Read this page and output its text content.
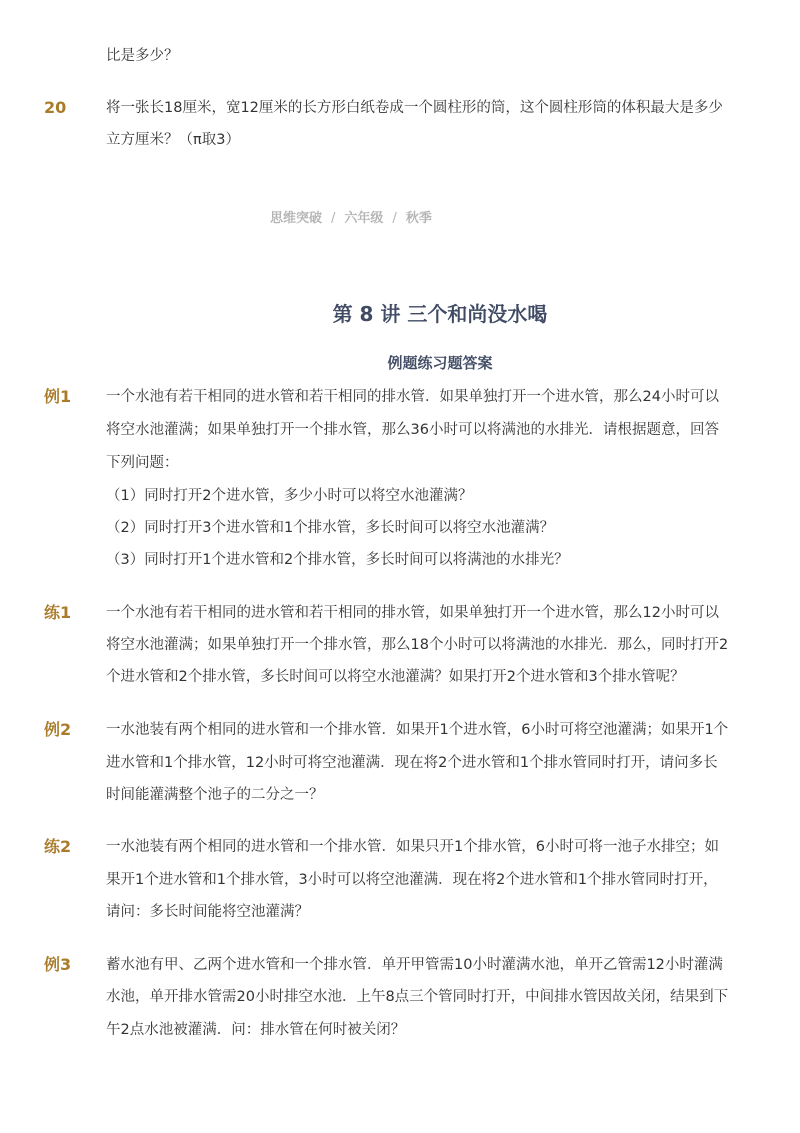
比是多少？
20	将一张长18厘米，宽12厘米的长方形白纸卷成一个圆柱形的筒，这个圆柱形筒的体积最大是多少
立方厘米？（π取3）
思维突破 / 六年级 / 秋季
第 8 讲 三个和尚没水喝
例题练习题答案
例1 一个水池有若干相同的进水管和若干相同的排水管．如果单独打开一个进水管，那么24小时可以
将空水池灌满；如果单独打开一个排水管，那么36小时可以将满池的水排光．请根据题意，回答
下列问题：
（1）同时打开2个进水管，多少小时可以将空水池灌满？
（2）同时打开3个进水管和1个排水管，多长时间可以将空水池灌满？
（3）同时打开1个进水管和2个排水管，多长时间可以将满池的水排光？
练1 一个水池有若干相同的进水管和若干相同的排水管，如果单独打开一个进水管，那么12小时可以
将空水池灌满；如果单独打开一个排水管，那么18个小时可以将满池的水排光．那么，同时打开2
个进水管和2个排水管，多长时间可以将空水池灌满？如果打开2个进水管和3个排水管呢？
例2 一水池装有两个相同的进水管和一个排水管．如果开1个进水管，6小时可将空池灌满；如果开1个
进水管和1个排水管，12小时可将空池灌满．现在将2个进水管和1个排水管同时打开，请问多长
时间能灌满整个池子的二分之一？
练2 一水池装有两个相同的进水管和一个排水管．如果只开1个排水管，6小时可将一池子水排空；如
果开1个进水管和1个排水管，3小时可以将空池灌满．现在将2个进水管和1个排水管同时打开，
请问：多长时间能将空池灌满？
例3 蓄水池有甲、乙两个进水管和一个排水管．单开甲管需10小时灌满水池，单开乙管需12小时灌满
水池，单开排水管需20小时排空水池．上午8点三个管同时打开，中间排水管因故关闭，结果到下
午2点水池被灌满．问：排水管在何时被关闭？
